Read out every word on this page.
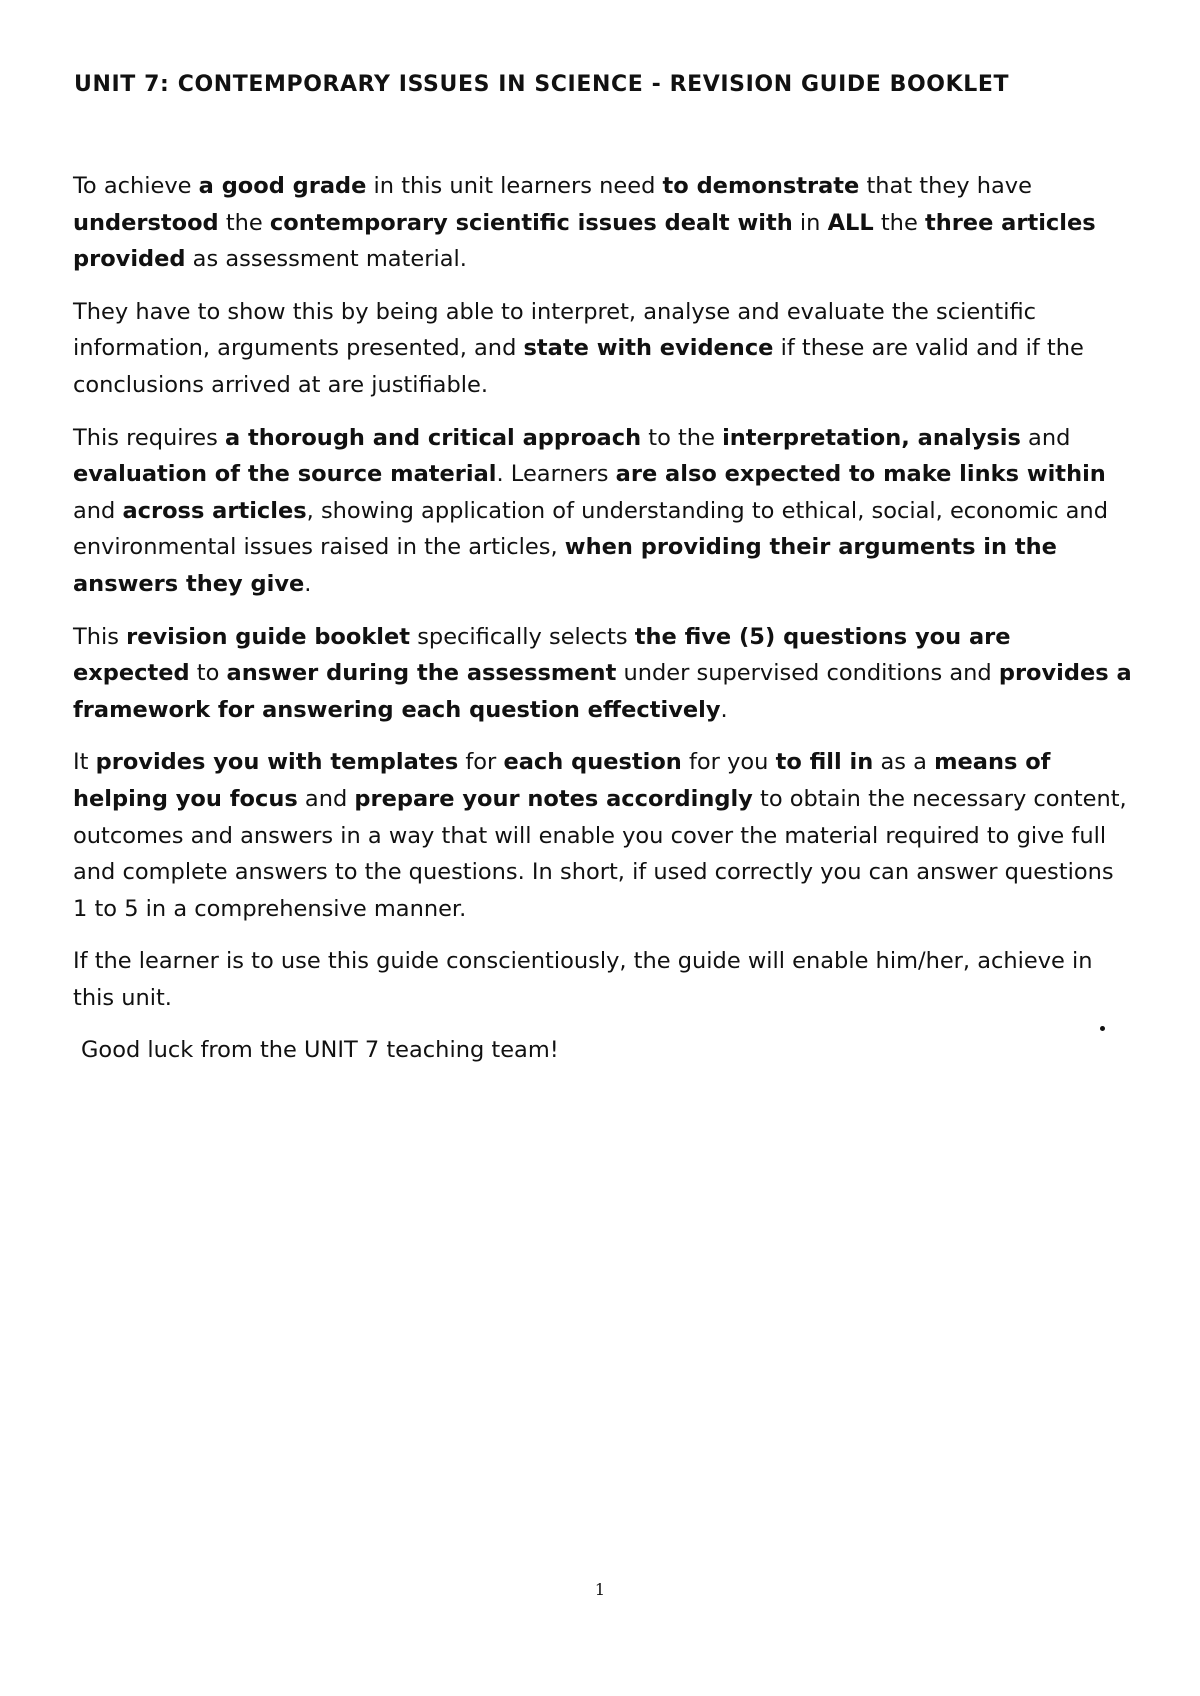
UNIT 7: CONTEMPORARY ISSUES IN SCIENCE - REVISION GUIDE BOOKLET

To achieve a good grade in this unit learners need to demonstrate that they have understood the contemporary scientific issues dealt with in ALL the three articles provided as assessment material.

They have to show this by being able to interpret, analyse and evaluate the scientific information, arguments presented, and state with evidence if these are valid and if the conclusions arrived at are justifiable.

This requires a thorough and critical approach to the interpretation, analysis and evaluation of the source material. Learners are also expected to make links within and across articles, showing application of understanding to ethical, social, economic and environmental issues raised in the articles, when providing their arguments in the answers they give.

This revision guide booklet specifically selects the five (5) questions you are expected to answer during the assessment under supervised conditions and provides a framework for answering each question effectively.

It provides you with templates for each question for you to fill in as a means of helping you focus and prepare your notes accordingly to obtain the necessary content, outcomes and answers in a way that will enable you cover the material required to give full and complete answers to the questions. In short, if used correctly you can answer questions 1 to 5 in a comprehensive manner.

If the learner is to use this guide conscientiously, the guide will enable him/her, achieve in this unit.

Good luck from the UNIT 7 teaching team!

1
